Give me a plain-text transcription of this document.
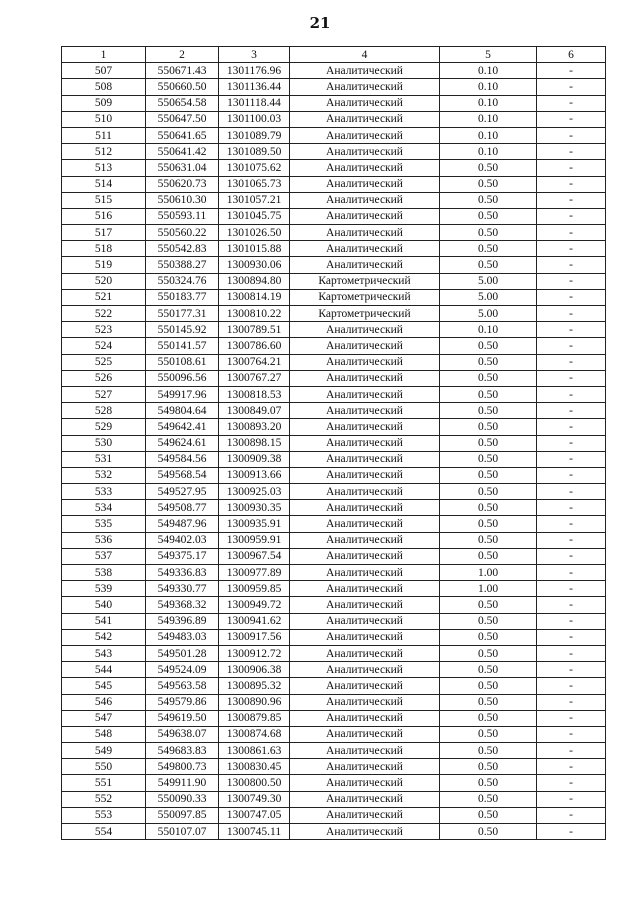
21
1	2	3	4	5	6
507	550671.43	1301176.96	Аналитический	0.10	-
508	550660.50	1301136.44	Аналитический	0.10	-
509	550654.58	1301118.44	Аналитический	0.10	-
510	550647.50	1301100.03	Аналитический	0.10	-
511	550641.65	1301089.79	Аналитический	0.10	-
512	550641.42	1301089.50	Аналитический	0.10	-
513	550631.04	1301075.62	Аналитический	0.50	-
514	550620.73	1301065.73	Аналитический	0.50	-
515	550610.30	1301057.21	Аналитический	0.50	-
516	550593.11	1301045.75	Аналитический	0.50	-
517	550560.22	1301026.50	Аналитический	0.50	-
518	550542.83	1301015.88	Аналитический	0.50	-
519	550388.27	1300930.06	Аналитический	0.50	-
520	550324.76	1300894.80	Картометрический	5.00	-
521	550183.77	1300814.19	Картометрический	5.00	-
522	550177.31	1300810.22	Картометрический	5.00	-
523	550145.92	1300789.51	Аналитический	0.10	-
524	550141.57	1300786.60	Аналитический	0.50	-
525	550108.61	1300764.21	Аналитический	0.50	-
526	550096.56	1300767.27	Аналитический	0.50	-
527	549917.96	1300818.53	Аналитический	0.50	-
528	549804.64	1300849.07	Аналитический	0.50	-
529	549642.41	1300893.20	Аналитический	0.50	-
530	549624.61	1300898.15	Аналитический	0.50	-
531	549584.56	1300909.38	Аналитический	0.50	-
532	549568.54	1300913.66	Аналитический	0.50	-
533	549527.95	1300925.03	Аналитический	0.50	-
534	549508.77	1300930.35	Аналитический	0.50	-
535	549487.96	1300935.91	Аналитический	0.50	-
536	549402.03	1300959.91	Аналитический	0.50	-
537	549375.17	1300967.54	Аналитический	0.50	-
538	549336.83	1300977.89	Аналитический	1.00	-
539	549330.77	1300959.85	Аналитический	1.00	-
540	549368.32	1300949.72	Аналитический	0.50	-
541	549396.89	1300941.62	Аналитический	0.50	-
542	549483.03	1300917.56	Аналитический	0.50	-
543	549501.28	1300912.72	Аналитический	0.50	-
544	549524.09	1300906.38	Аналитический	0.50	-
545	549563.58	1300895.32	Аналитический	0.50	-
546	549579.86	1300890.96	Аналитический	0.50	-
547	549619.50	1300879.85	Аналитический	0.50	-
548	549638.07	1300874.68	Аналитический	0.50	-
549	549683.83	1300861.63	Аналитический	0.50	-
550	549800.73	1300830.45	Аналитический	0.50	-
551	549911.90	1300800.50	Аналитический	0.50	-
552	550090.33	1300749.30	Аналитический	0.50	-
553	550097.85	1300747.05	Аналитический	0.50	-
554	550107.07	1300745.11	Аналитический	0.50	-
